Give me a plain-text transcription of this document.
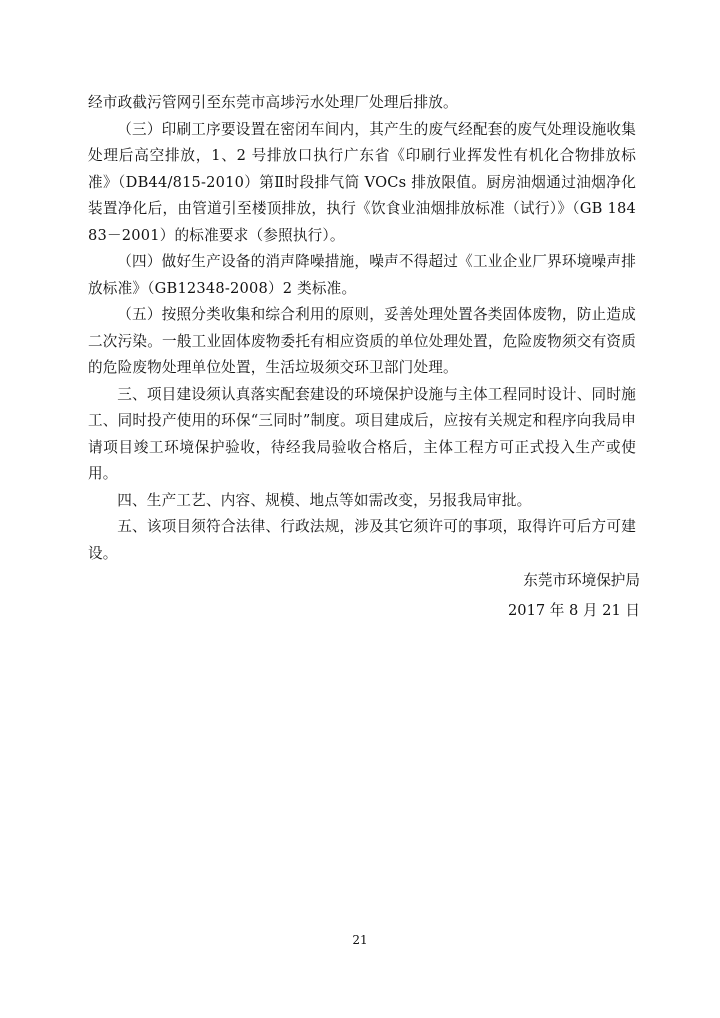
经市政截污管网引至东莞市高埗污水处理厂处理后排放。

（三）印刷工序要设置在密闭车间内，其产生的废气经配套的废气处理设施收集处理后高空排放，1、2 号排放口执行广东省《印刷行业挥发性有机化合物排放标准》（DB44/815-2010）第Ⅱ时段排气筒 VOCs 排放限值。厨房油烟通过油烟净化装置净化后，由管道引至楼顶排放，执行《饮食业油烟排放标准（试行）》（GB 18483－2001）的标准要求（参照执行）。

（四）做好生产设备的消声降噪措施，噪声不得超过《工业企业厂界环境噪声排放标准》（GB12348-2008）2 类标准。

（五）按照分类收集和综合利用的原则，妥善处理处置各类固体废物，防止造成二次污染。一般工业固体废物委托有相应资质的单位处理处置，危险废物须交有资质的危险废物处理单位处置，生活垃圾须交环卫部门处理。

三、项目建设须认真落实配套建设的环境保护设施与主体工程同时设计、同时施工、同时投产使用的环保“三同时”制度。项目建成后，应按有关规定和程序向我局申请项目竣工环境保护验收，待经我局验收合格后，主体工程方可正式投入生产或使用。

四、生产工艺、内容、规模、地点等如需改变，另报我局审批。

五、该项目须符合法律、行政法规，涉及其它须许可的事项，取得许可后方可建设。

东莞市环境保护局
2017 年 8 月 21 日
21
